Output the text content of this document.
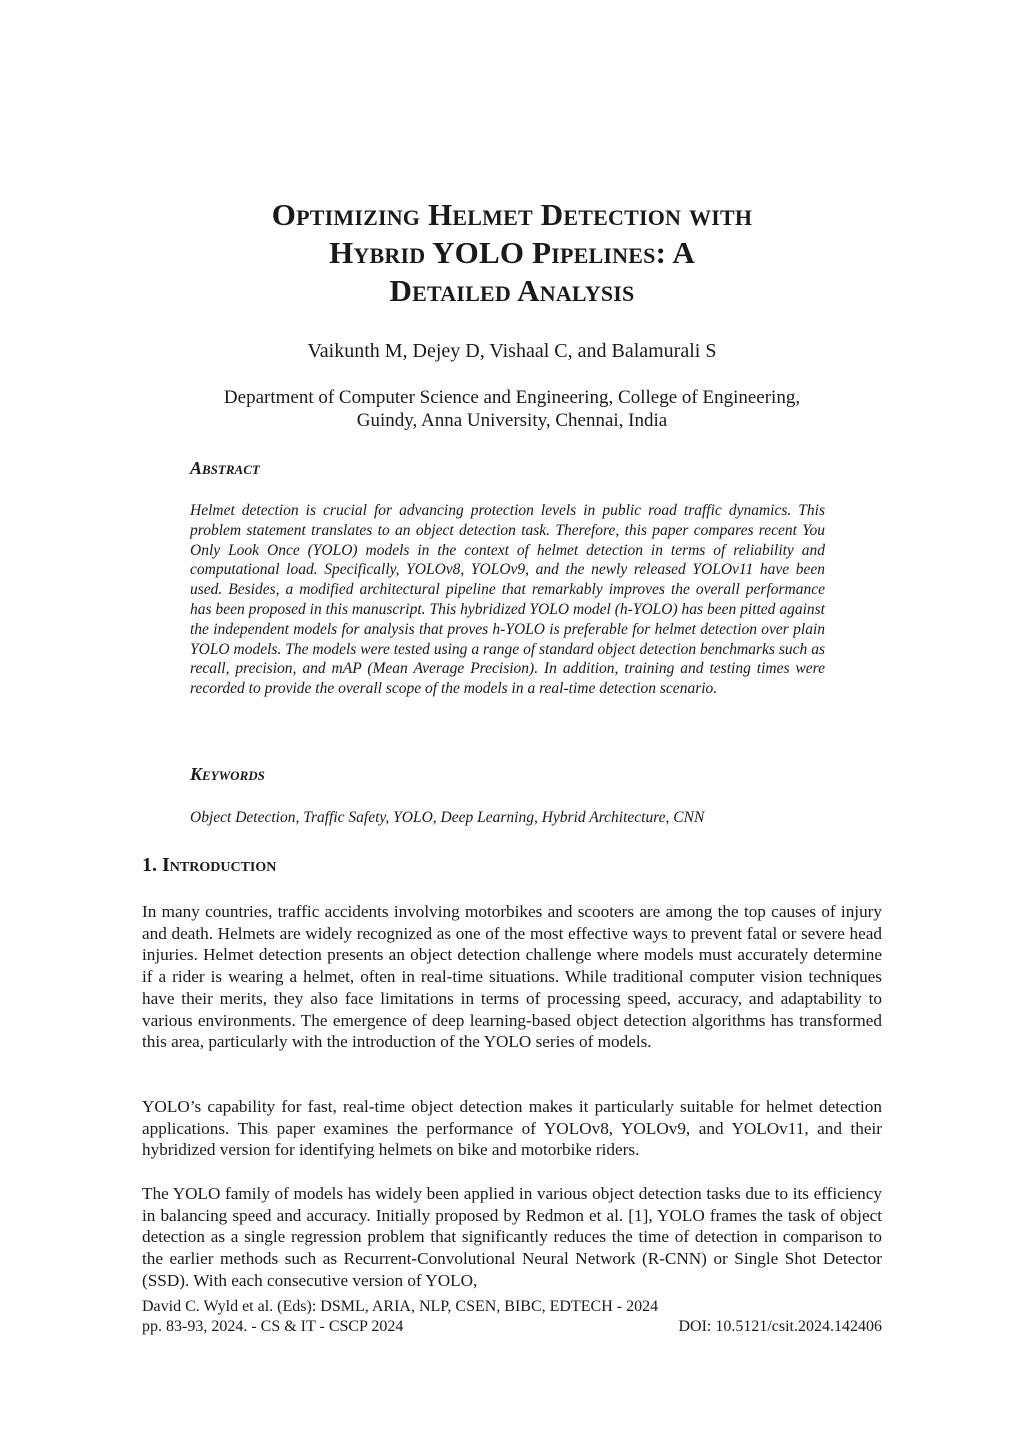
Optimizing Helmet Detection with
Hybrid YOLO Pipelines: A
Detailed Analysis
Vaikunth M, Dejey D, Vishaal C, and Balamurali S
Department of Computer Science and Engineering, College of Engineering,
Guindy, Anna University, Chennai, India
Abstract
Helmet detection is crucial for advancing protection levels in public road traffic dynamics. This problem statement translates to an object detection task. Therefore, this paper compares recent You Only Look Once (YOLO) models in the context of helmet detection in terms of reliability and computational load. Specifically, YOLOv8, YOLOv9, and the newly released YOLOv11 have been used. Besides, a modified architectural pipeline that remarkably improves the overall performance has been proposed in this manuscript. This hybridized YOLO model (h-YOLO) has been pitted against the independent models for analysis that proves h-YOLO is preferable for helmet detection over plain YOLO models. The models were tested using a range of standard object detection benchmarks such as recall, precision, and mAP (Mean Average Precision). In addition, training and testing times were recorded to provide the overall scope of the models in a real-time detection scenario.
Keywords
Object Detection, Traffic Safety, YOLO, Deep Learning, Hybrid Architecture, CNN
1. Introduction

In many countries, traffic accidents involving motorbikes and scooters are among the top causes of injury and death. Helmets are widely recognized as one of the most effective ways to prevent fatal or severe head injuries. Helmet detection presents an object detection challenge where models must accurately determine if a rider is wearing a helmet, often in real-time situations. While traditional computer vision techniques have their merits, they also face limitations in terms of processing speed, accuracy, and adaptability to various environments. The emergence of deep learning-based object detection algorithms has transformed this area, particularly with the introduction of the YOLO series of models.

YOLO’s capability for fast, real-time object detection makes it particularly suitable for helmet detection applications. This paper examines the performance of YOLOv8, YOLOv9, and YOLOv11, and their hybridized version for identifying helmets on bike and motorbike riders.

The YOLO family of models has widely been applied in various object detection tasks due to its efficiency in balancing speed and accuracy. Initially proposed by Redmon et al. [1], YOLO frames the task of object detection as a single regression problem that significantly reduces the time of detection in comparison to the earlier methods such as Recurrent-Convolutional Neural Network (R-CNN) or Single Shot Detector (SSD). With each consecutive version of YOLO,

David C. Wyld et al. (Eds): DSML, ARIA, NLP, CSEN, BIBC, EDTECH - 2024
pp. 83-93, 2024. - CS & IT - CSCP 2024	DOI: 10.5121/csit.2024.142406
